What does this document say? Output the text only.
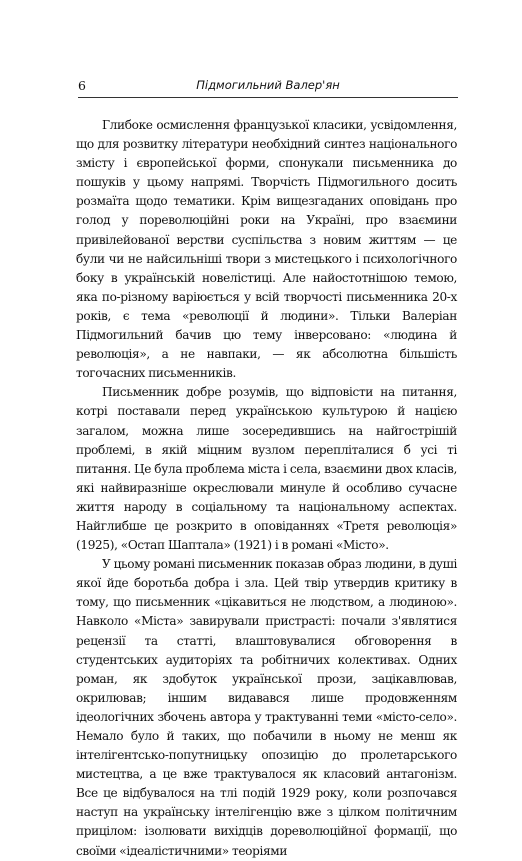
6	Підмогильний Валер'ян

Глибоке осмислення французької класики, усвідомлення, що для розвитку літератури необхідний синтез національного змісту і європейської форми, спонукали письменника до пошуків у цьому напрямі. Творчість Підмогильного досить розмаїта щодо тематики. Крім вищезгаданих оповідань про голод у пореволюційні роки на Україні, про взаємини привілейованої верстви суспільства з новим життям — це були чи не найсильніші твори з мистецького і психологічного боку в українській новелістиці. Але найостотнішою темою, яка по-різному варіюється у всій творчості письменника 20-х років, є тема «революції й людини». Тільки Валеріан Підмогильний бачив цю тему інверсовано: «людина й революція», а не навпаки, — як абсолютна більшість тогочасних письменників.

Письменник добре розумів, що відповісти на питання, котрі поставали перед українською культурою й нацією загалом, можна лише зосередившись на найгострішій проблемі, в якій міцним вузлом переплiталися б усі ті питання. Це була проблема міста і села, взаємини двох класів, які найвиразніше окреслювали минуле й особливо сучасне життя народу в соціальному та національному аспектах. Найглибше це розкрито в оповіданнях «Третя революція» (1925), «Остап Шаптала» (1921) і в романі «Місто».

У цьому романі письменник показав образ людини, в душі якої йде боротьба добра і зла. Цей твір утвердив критику в тому, що письменник «цікавиться не людством, а людиною». Навколо «Міста» завирували пристрасті: почали з'являтися рецензії та статті, влаштовувалися обговорення в студентських аудиторіях та робітничих колективах. Одних роман, як здобуток української прози, зацікавлював, окрилював; іншим видавався лише продовженням ідеологічних збочень автора у трактуванні теми «місто-село». Немало було й таких, що побачили в ньому не менш як інтелігентсько-попутницьку опозицію до пролетарського мистецтва, а це вже трактувалося як класовий антагонізм. Все це відбувалося на тлі подій 1929 року, коли розпочався наступ на українську інтелігенцію вже з цілком політичним прицілом: ізолювати вихідців дореволюційної формації, що своїми «ідеалістичними» теоріями
